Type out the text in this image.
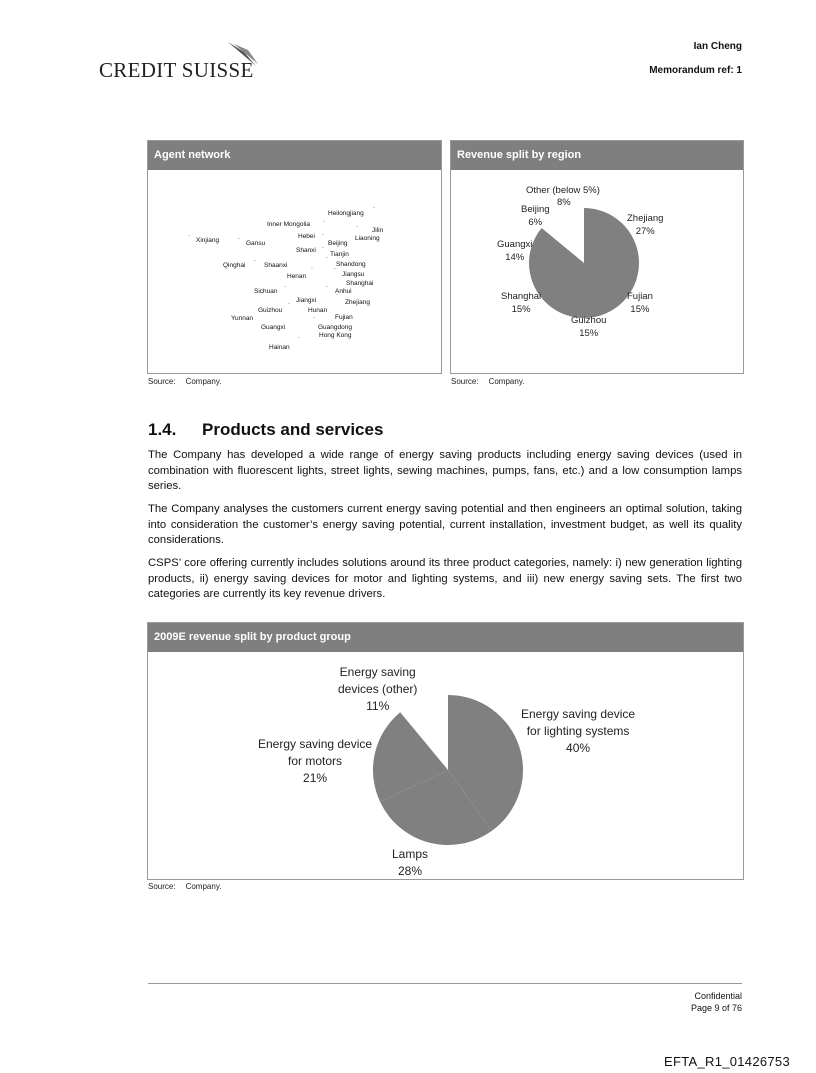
CREDIT SUISSE
Ian Cheng
Memorandum ref: 1
Agent network
Heilongjiang
Inner Mongolia
Jilin
Hebei	Liaoning
Xinjiang	Gansu	Beijing
Shanxi
Tianjin
Qinghai	Shaanxi	Shandong
Henan	Jiangsu
Shanghai
Sichuan	Anhui
Jiangxi	Zhejiang
Guizhou	Hunan
Yunnan	Fujian
Guangxi	Guangdong
Hong Kong
Hainan
ˉ
ˉ
ˉ
ˉ
ˉ	ˉ
ˉ
ˉ	ˉ
ˉ	ˉ
ˉ	ˉ
ˉ
ˉ
ˉ
ˉ
Source: Company.
Revenue split by region
Zhejiang
27%
Fujian
15%
Guizhou
15%
Shanghai
15%
Guangxi
14%
Beijing
6%
8%
Other (below 5%)
Source: Company.
1.4. Products and services
The Company has developed a wide range of energy saving products including energy saving devices (used in combination with fluorescent lights, street lights, sewing machines, pumps, fans, etc.) and a low consumption lamps series.
The Company analyses the customers current energy saving potential and then engineers an optimal solution, taking into consideration the customer’s energy saving potential, current installation, investment budget, as well its quality considerations.
CSPS’ core offering currently includes solutions around its three product categories, namely: i) new generation lighting products, ii) energy saving devices for motor and lighting systems, and iii) new energy saving sets. The first two categories are currently its key revenue drivers.
2009E revenue split by product group
Energy saving device
for lighting systems
40%
Lamps
28%
Energy saving device
for motors
21%
Energy saving
devices (other)
11%
Source: Company.
Confidential
Page 9 of 76
EFTA_R1_01426753
